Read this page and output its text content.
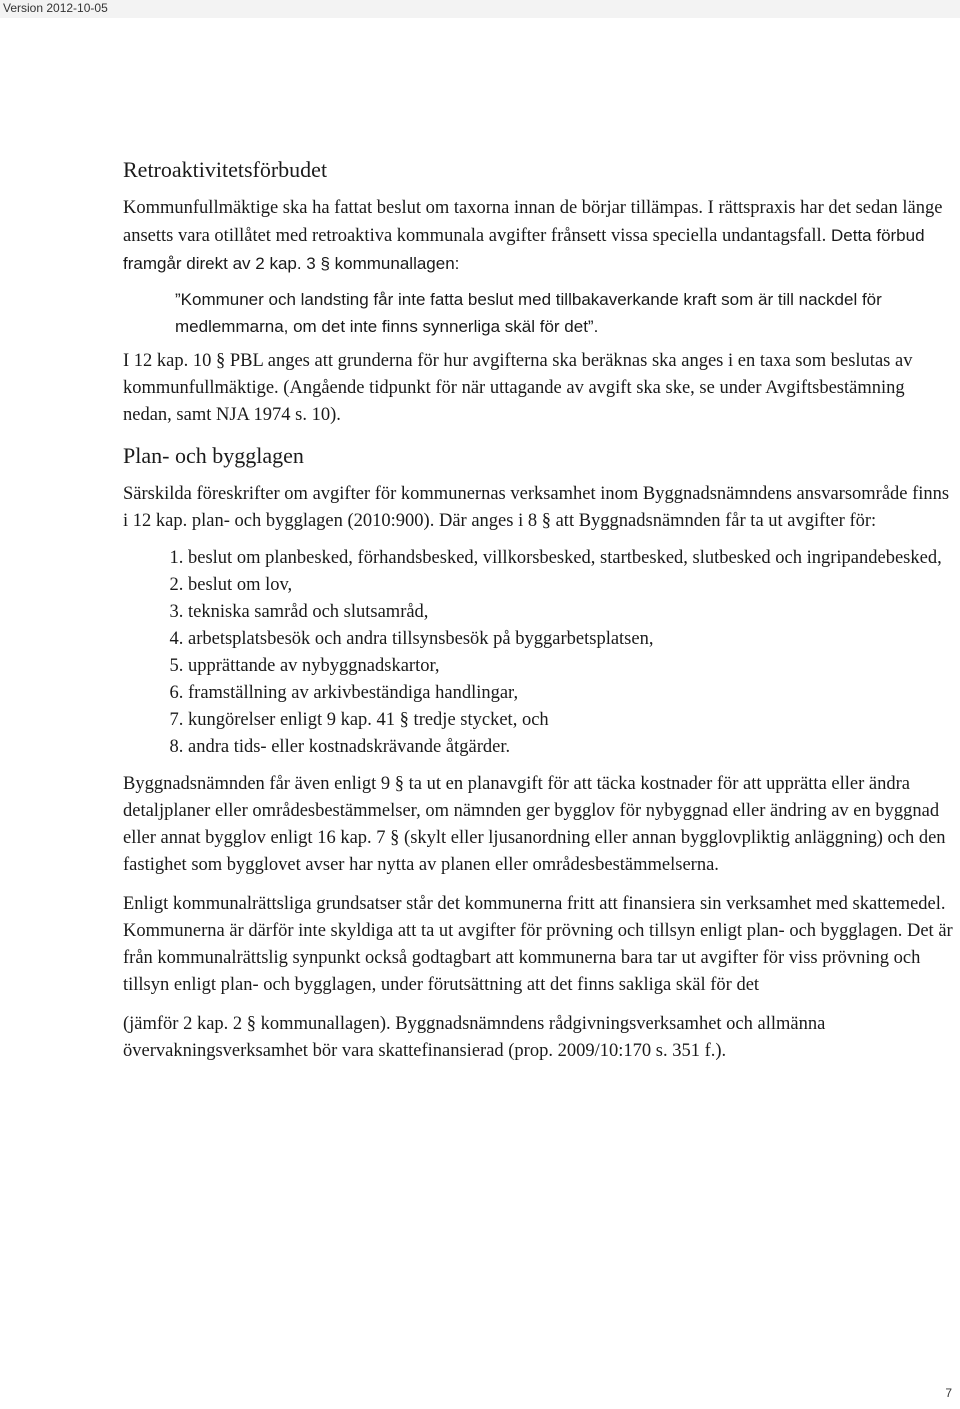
Version 2012-10-05
Retroaktivitetsförbudet

Kommunfullmäktige ska ha fattat beslut om taxorna innan de börjar tillämpas. I rättspraxis har det sedan länge ansetts vara otillåtet med retroaktiva kommunala avgifter frånsett vissa speciella undantagsfall. Detta förbud framgår direkt av 2 kap. 3 § kommunallagen:

”Kommuner och landsting får inte fatta beslut med tillbakaverkande kraft som är till nackdel för medlemmarna, om det inte finns synnerliga skäl för det”.

I 12 kap. 10 § PBL anges att grunderna för hur avgifterna ska beräknas ska anges i en taxa som beslutas av kommunfullmäktige. (Angående tidpunkt för när uttagande av avgift ska ske, se under Avgiftsbestämning nedan, samt NJA 1974 s. 10).

Plan- och bygglagen

Särskilda föreskrifter om avgifter för kommunernas verksamhet inom Byggnadsnämndens ansvarsområde finns i 12 kap. plan- och bygglagen (2010:900). Där anges i 8 § att Byggnadsnämnden får ta ut avgifter för:

1. beslut om planbesked, förhandsbesked, villkorsbesked, startbesked, slutbesked och ingripandebesked,
2. beslut om lov,
3. tekniska samråd och slutsamråd,
4. arbetsplatsbesök och andra tillsynsbesök på byggarbetsplatsen,
5. upprättande av nybyggnadskartor,
6. framställning av arkivbeständiga handlingar,
7. kungörelser enligt 9 kap. 41 § tredje stycket, och
8. andra tids- eller kostnadskrävande åtgärder.

Byggnadsnämnden får även enligt 9 § ta ut en planavgift för att täcka kostnader för att upprätta eller ändra detaljplaner eller områdesbestämmelser, om nämnden ger bygglov för nybyggnad eller ändring av en byggnad eller annat bygglov enligt 16 kap. 7 § (skylt eller ljusanordning eller annan bygglovpliktig anläggning) och den fastighet som bygglovet avser har nytta av planen eller områdesbestämmelserna.

Enligt kommunalrättsliga grundsatser står det kommunerna fritt att finansiera sin verksamhet med skattemedel. Kommunerna är därför inte skyldiga att ta ut avgifter för prövning och tillsyn enligt plan- och bygglagen. Det är från kommunalrättslig synpunkt också godtagbart att kommunerna bara tar ut avgifter för viss prövning och tillsyn enligt plan- och bygglagen, under förutsättning att det finns sakliga skäl för det

(jämför 2 kap. 2 § kommunallagen). Byggnadsnämndens rådgivningsverksamhet och allmänna övervakningsverksamhet bör vara skattefinansierad (prop. 2009/10:170 s. 351 f.).

7
